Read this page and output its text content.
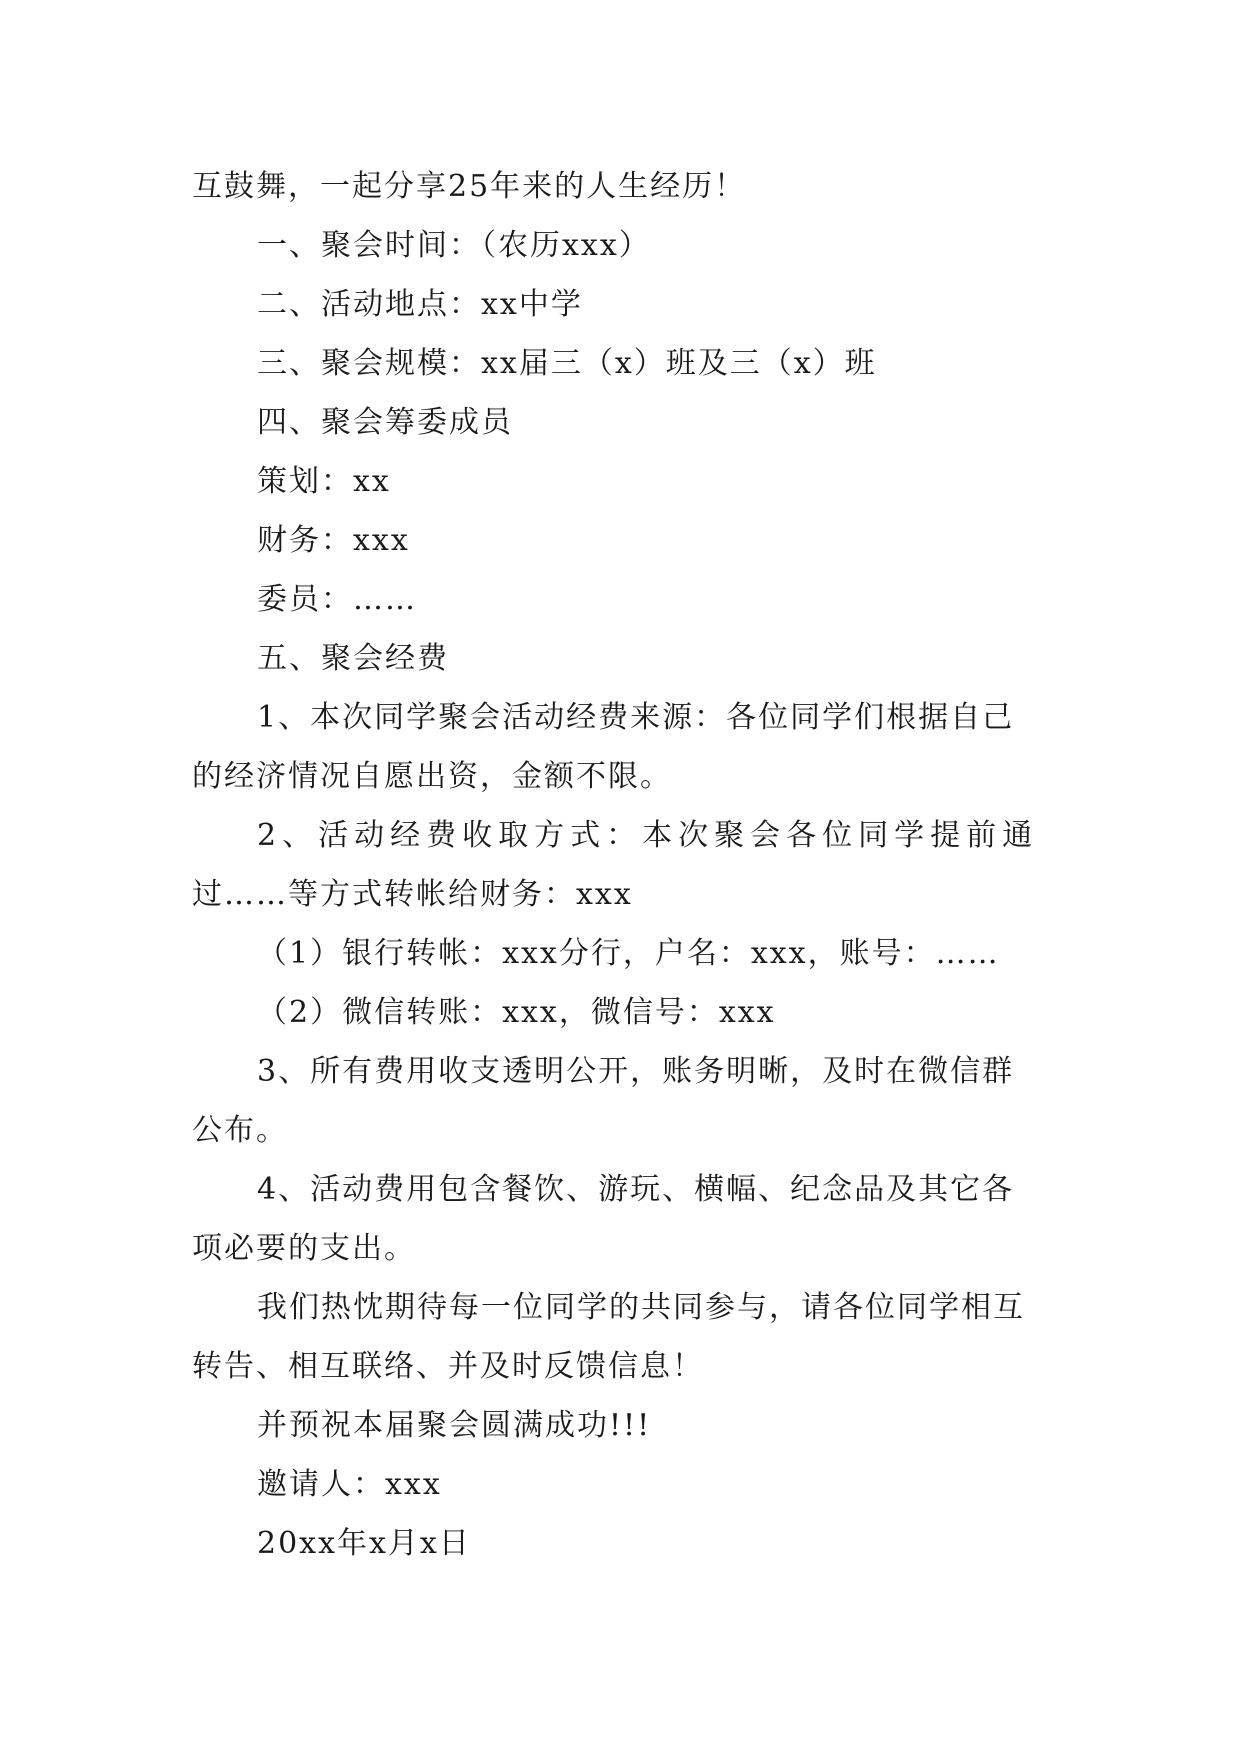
互鼓舞，一起分享25年来的人生经历！
一、聚会时间：（农历xxx）
二、活动地点：xx中学
三、聚会规模：xx届三（x）班及三（x）班
四、聚会筹委成员
策划：xx
财务：xxx
委员：……
五、聚会经费
1、本次同学聚会活动经费来源：各位同学们根据自己
的经济情况自愿出资，金额不限。
2、活动经费收取方式：本次聚会各位同学提前通
过……等方式转帐给财务：xxx
（1）银行转帐：xxx分行，户名：xxx，账号：……
（2）微信转账：xxx，微信号：xxx
3、所有费用收支透明公开，账务明晰，及时在微信群
公布。
4、活动费用包含餐饮、游玩、横幅、纪念品及其它各
项必要的支出。
我们热忱期待每一位同学的共同参与，请各位同学相互
转告、相互联络、并及时反馈信息！
并预祝本届聚会圆满成功!!!
邀请人：xxx
20xx年x月x日
